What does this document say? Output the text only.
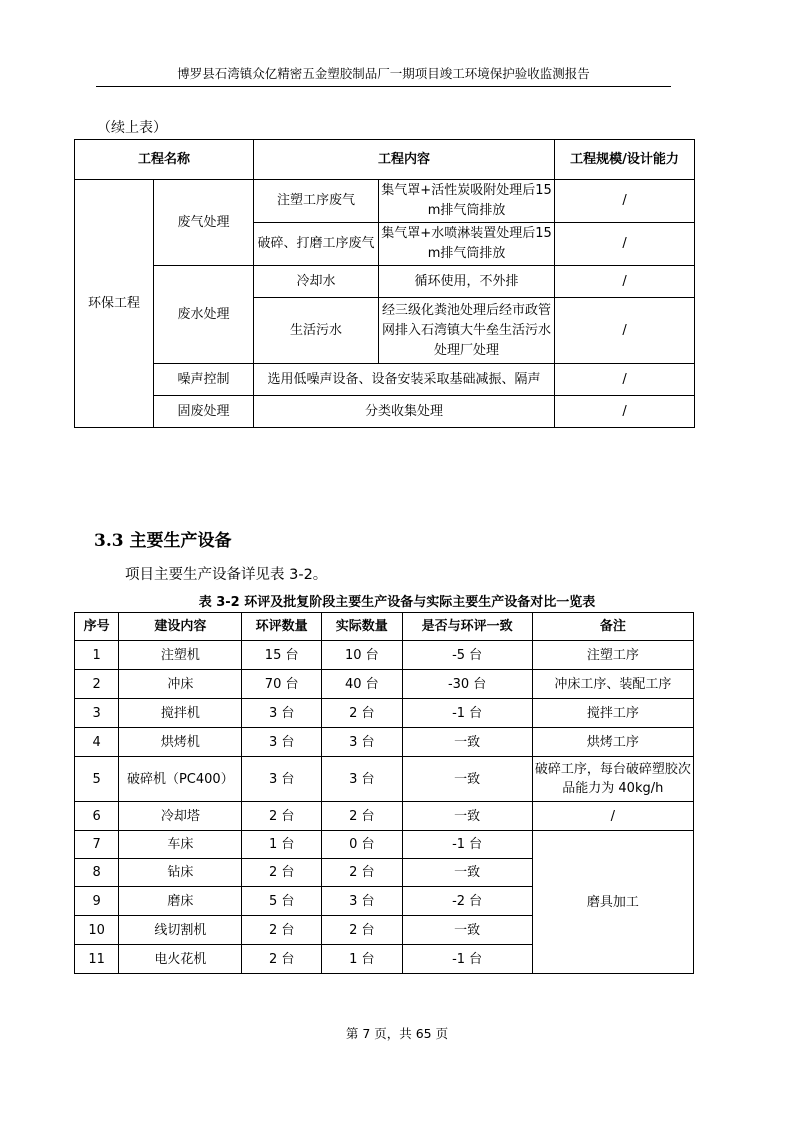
博罗县石湾镇众亿精密五金塑胶制品厂一期项目竣工环境保护验收监测报告
（续上表）
工程名称		工程内容		工程规模/设计能力
环保工程	废气处理	注塑工序废气	集气罩+活性炭吸附处理后15 m排气筒排放	/
		破碎、打磨工序废气	集气罩+水喷淋装置处理后15 m排气筒排放	/
	废水处理	冷却水	循环使用，不外排	/
		生活污水	经三级化粪池处理后经市政管网排入石湾镇大牛垒生活污水处理厂处理	/
	噪声控制	选用低噪声设备、设备安装采取基础减振、隔声		/
	固废处理	分类收集处理		/
3.3 主要生产设备
项目主要生产设备详见表 3-2。
表 3-2 环评及批复阶段主要生产设备与实际主要生产设备对比一览表
序号	建设内容	环评数量	实际数量	是否与环评一致	备注
1	注塑机	15 台	10 台	-5 台	注塑工序
2	冲床	70 台	40 台	-30 台	冲床工序、装配工序
3	搅拌机	3 台	2 台	-1 台	搅拌工序
4	烘烤机	3 台	3 台	一致	烘烤工序
5	破碎机（PC400）	3 台	3 台	一致	破碎工序，每台破碎塑胶次品能力为 40kg/h
6	冷却塔	2 台	2 台	一致	/
7	车床	1 台	0 台	-1 台	磨具加工
8	钻床	2 台	2 台	一致	
9	磨床	5 台	3 台	-2 台	
10	线切割机	2 台	2 台	一致	
11	电火花机	2 台	1 台	-1 台	
第 7 页，共 65 页
